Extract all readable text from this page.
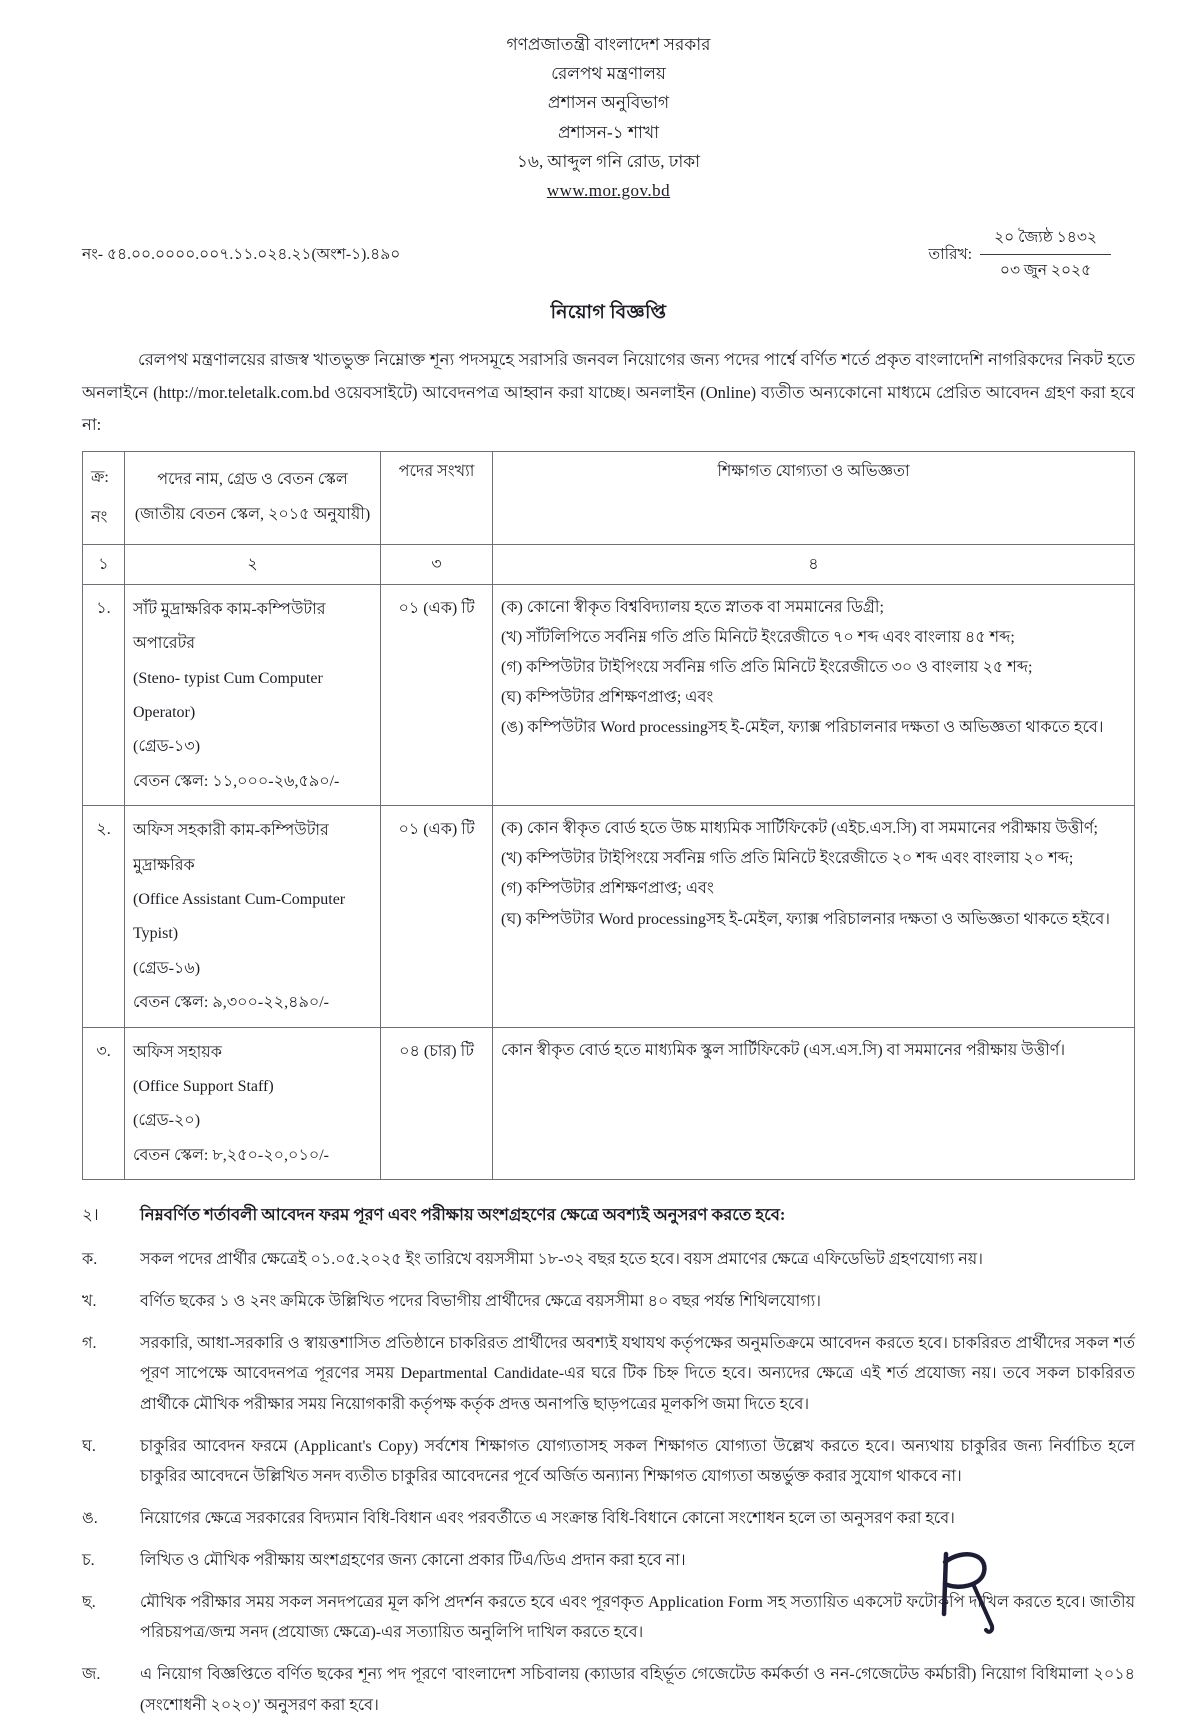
গণপ্রজাতন্ত্রী বাংলাদেশ সরকার
রেলপথ মন্ত্রণালয়
প্রশাসন অনুবিভাগ
প্রশাসন-১ শাখা
১৬, আব্দুল গনি রোড, ঢাকা
www.mor.gov.bd
নং- ৫৪.০০.০০০০.০০৭.১১.০২৪.২১(অংশ-১).৪৯০	তারিখ:
২০ জ্যৈষ্ঠ ১৪৩২
০৩ জুন ২০২৫
নিয়োগ বিজ্ঞপ্তি

রেলপথ মন্ত্রণালয়ের রাজস্ব খাতভুক্ত নিম্নোক্ত শূন্য পদসমূহে সরাসরি জনবল নিয়োগের জন্য পদের পার্শ্বে বর্ণিত শর্তে প্রকৃত বাংলাদেশি নাগরিকদের নিকট হতে অনলাইনে (http://mor.teletalk.com.bd ওয়েবসাইটে) আবেদনপত্র আহ্বান করা যাচ্ছে। অনলাইন (Online) ব্যতীত অন্যকোনো মাধ্যমে প্রেরিত আবেদন গ্রহণ করা হবে না:

ক্র:
নং	পদের নাম, গ্রেড ও বেতন স্কেল (জাতীয় বেতন স্কেল, ২০১৫ অনুযায়ী)	পদের সংখ্যা	শিক্ষাগত যোগ্যতা ও অভিজ্ঞতা
১	২	৩	৪
১.	সাঁট মুদ্রাক্ষরিক কাম-কম্পিউটার অপারেটর
(Steno- typist Cum Computer Operator)
(গ্রেড-১৩)
বেতন স্কেল: ১১,০০০-২৬,৫৯০/-
	০১ (এক) টি	(ক) কোনো স্বীকৃত বিশ্ববিদ্যালয় হতে স্নাতক বা সমমানের ডিগ্রী;

(খ) সাঁটলিপিতে সর্বনিম্ন গতি প্রতি মিনিটে ইংরেজীতে ৭০ শব্দ এবং বাংলায় ৪৫ শব্দ;

(গ) কম্পিউটার টাইপিংয়ে সর্বনিম্ন গতি প্রতি মিনিটে ইংরেজীতে ৩০ ও বাংলায় ২৫ শব্দ;

(ঘ) কম্পিউটার প্রশিক্ষণপ্রাপ্ত; এবং

(ঙ) কম্পিউটার Word processingসহ ই-মেইল, ফ্যাক্স পরিচালনার দক্ষতা ও অভিজ্ঞতা থাকতে হবে।

২.	অফিস সহকারী কাম-কম্পিউটার মুদ্রাক্ষরিক
(Office Assistant Cum-Computer Typist)
(গ্রেড-১৬)
বেতন স্কেল: ৯,৩০০-২২,৪৯০/-
	০১ (এক) টি	(ক) কোন স্বীকৃত বোর্ড হতে উচ্চ মাধ্যমিক সার্টিফিকেট (এইচ.এস.সি) বা সমমানের পরীক্ষায় উত্তীর্ণ;

(খ) কম্পিউটার টাইপিংয়ে সর্বনিম্ন গতি প্রতি মিনিটে ইংরেজীতে ২০ শব্দ এবং বাংলায় ২০ শব্দ;

(গ) কম্পিউটার প্রশিক্ষণপ্রাপ্ত; এবং

(ঘ) কম্পিউটার Word processingসহ ই-মেইল, ফ্যাক্স পরিচালনার দক্ষতা ও অভিজ্ঞতা থাকতে হইবে।

৩.	অফিস সহায়ক
(Office Support Staff)
(গ্রেড-২০)
বেতন স্কেল: ৮,২৫০-২০,০১০/-	০৪ (চার) টি	কোন স্বীকৃত বোর্ড হতে মাধ্যমিক স্কুল সার্টিফিকেট (এস.এস.সি) বা সমমানের পরীক্ষায় উত্তীর্ণ।

২।	নিম্নবর্ণিত শর্তাবলী আবেদন ফরম পূরণ এবং পরীক্ষায় অংশগ্রহণের ক্ষেত্রে অবশ্যই অনুসরণ করতে হবে:
ক.	সকল পদের প্রার্থীর ক্ষেত্রেই ০১.০৫.২০২৫ ইং তারিখে বয়সসীমা ১৮-৩২ বছর হতে হবে। বয়স প্রমাণের ক্ষেত্রে এফিডেভিট গ্রহণযোগ্য নয়।
খ.	বর্ণিত ছকের ১ ও ২নং ক্রমিকে উল্লিখিত পদের বিভাগীয় প্রার্থীদের ক্ষেত্রে বয়সসীমা ৪০ বছর পর্যন্ত শিথিলযোগ্য।
গ.	সরকারি, আধা-সরকারি ও স্বায়ত্তশাসিত প্রতিষ্ঠানে চাকরিরত প্রার্থীদের অবশ্যই যথাযথ কর্তৃপক্ষের অনুমতিক্রমে আবেদন করতে হবে। চাকরিরত প্রার্থীদের সকল শর্ত পূরণ সাপেক্ষে আবেদনপত্র পূরণের সময় Departmental Candidate-এর ঘরে টিক চিহ্ন দিতে হবে। অন্যদের ক্ষেত্রে এই শর্ত প্রযোজ্য নয়। তবে সকল চাকরিরত প্রার্থীকে মৌখিক পরীক্ষার সময় নিয়োগকারী কর্তৃপক্ষ কর্তৃক প্রদত্ত অনাপত্তি ছাড়পত্রের মূলকপি জমা দিতে হবে।
ঘ.	চাকুরির আবেদন ফরমে (Applicant's Copy) সর্বশেষ শিক্ষাগত যোগ্যতাসহ সকল শিক্ষাগত যোগ্যতা উল্লেখ করতে হবে। অন্যথায় চাকুরির জন্য নির্বাচিত হলে চাকুরির আবেদনে উল্লিখিত সনদ ব্যতীত চাকুরির আবেদনের পূর্বে অর্জিত অন্যান্য শিক্ষাগত যোগ্যতা অন্তর্ভুক্ত করার সুযোগ থাকবে না।
ঙ.	নিয়োগের ক্ষেত্রে সরকারের বিদ্যমান বিধি-বিধান এবং পরবর্তীতে এ সংক্রান্ত বিধি-বিধানে কোনো সংশোধন হলে তা অনুসরণ করা হবে।
চ.	লিখিত ও মৌখিক পরীক্ষায় অংশগ্রহণের জন্য কোনো প্রকার টিএ/ডিএ প্রদান করা হবে না।
ছ.	মৌখিক পরীক্ষার সময় সকল সনদপত্রের মূল কপি প্রদর্শন করতে হবে এবং পূরণকৃত Application Form সহ সত্যায়িত একসেট ফটোকপি দাখিল করতে হবে। জাতীয় পরিচয়পত্র/জন্ম সনদ (প্রযোজ্য ক্ষেত্রে)-এর সত্যায়িত অনুলিপি দাখিল করতে হবে।
জ.	এ নিয়োগ বিজ্ঞপ্তিতে বর্ণিত ছকের শূন্য পদ পূরণে 'বাংলাদেশ সচিবালয় (ক্যাডার বহির্ভূত গেজেটেড কর্মকর্তা ও নন-গেজেটেড কর্মচারী) নিয়োগ বিধিমালা ২০১৪ (সংশোধনী ২০২০)' অনুসরণ করা হবে।
